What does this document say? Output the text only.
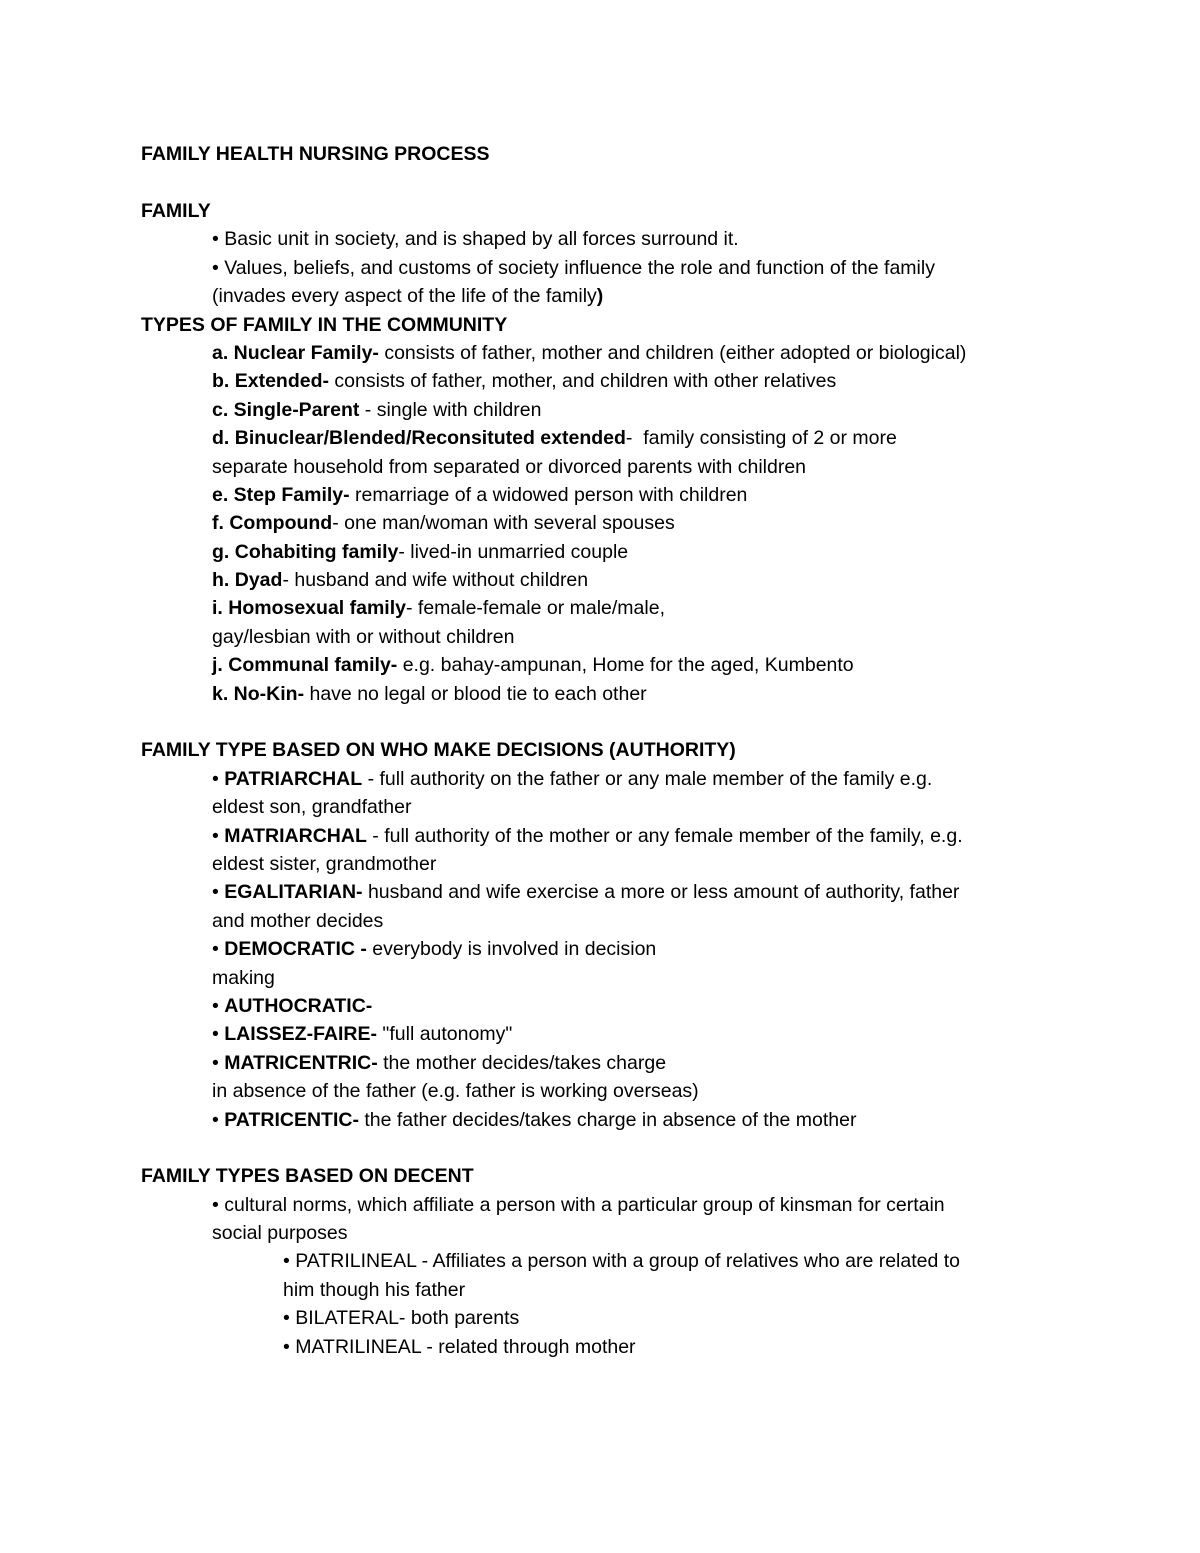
FAMILY HEALTH NURSING PROCESS
FAMILY
• Basic unit in society, and is shaped by all forces surround it.
• Values, beliefs, and customs of society influence the role and function of the family
(invades every aspect of the life of the family)
TYPES OF FAMILY IN THE COMMUNITY
a. Nuclear Family- consists of father, mother and children (either adopted or biological)
b. Extended- consists of father, mother, and children with other relatives
c. Single-Parent - single with children
d. Binuclear/Blended/Reconsituted extended-  family consisting of 2 or more
separate household from separated or divorced parents with children
e. Step Family- remarriage of a widowed person with children
f. Compound- one man/woman with several spouses
g. Cohabiting family- lived-in unmarried couple
h. Dyad- husband and wife without children
i. Homosexual family- female-female or male/male,
gay/lesbian with or without children
j. Communal family- e.g. bahay-ampunan, Home for the aged, Kumbento
k. No-Kin- have no legal or blood tie to each other
FAMILY TYPE BASED ON WHO MAKE DECISIONS (AUTHORITY)
• PATRIARCHAL - full authority on the father or any male member of the family e.g.
eldest son, grandfather
• MATRIARCHAL - full authority of the mother or any female member of the family, e.g.
eldest sister, grandmother
• EGALITARIAN- husband and wife exercise a more or less amount of authority, father
and mother decides
• DEMOCRATIC - everybody is involved in decision
making
• AUTHOCRATIC-
• LAISSEZ-FAIRE- "full autonomy"
• MATRICENTRIC- the mother decides/takes charge
in absence of the father (e.g. father is working overseas)
• PATRICENTIC- the father decides/takes charge in absence of the mother
FAMILY TYPES BASED ON DECENT
• cultural norms, which affiliate a person with a particular group of kinsman for certain
social purposes
• PATRILINEAL - Affiliates a person with a group of relatives who are related to
him though his father
• BILATERAL- both parents
• MATRILINEAL - related through mother
